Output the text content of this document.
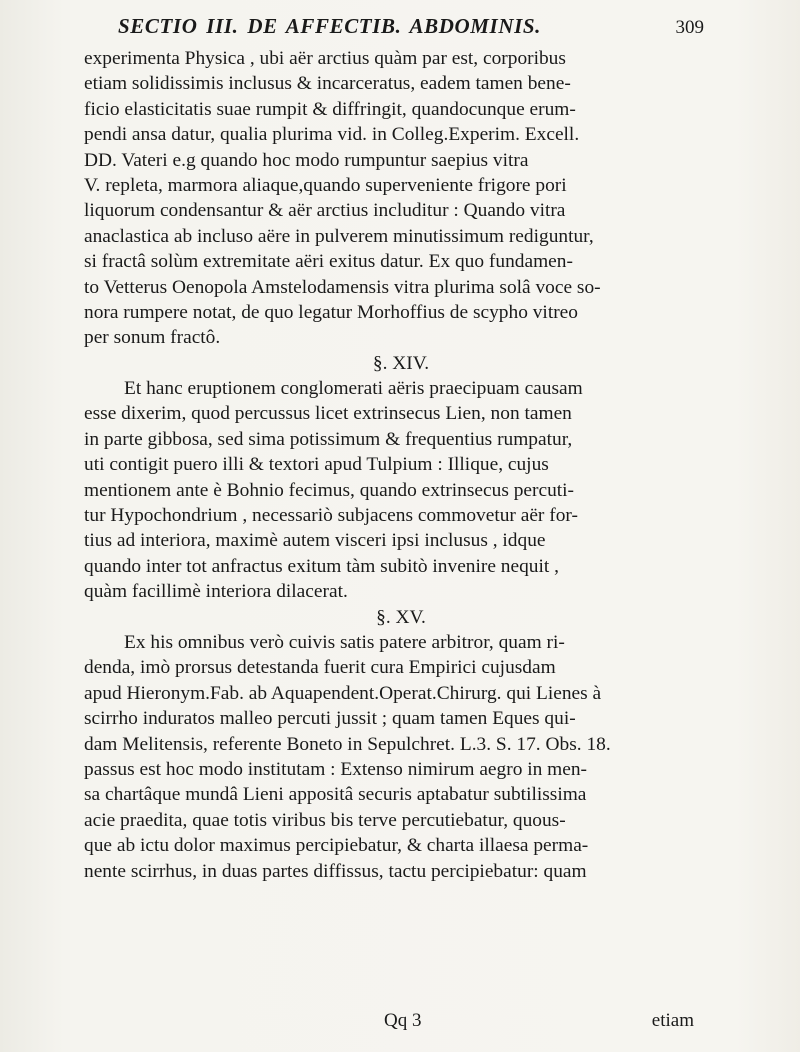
SECTIO III. DE AFFECTIB. ABDOMINIS.	309
experimenta Physica , ubi aër arctius quàm par est, corporibus
etiam solidissimis inclusus & incarceratus, eadem tamen bene-
ficio elasticitatis suae rumpit & diffringit, quandocunque erum-
pendi ansa datur, qualia plurima vid. in Colleg.Experim. Excell.
DD. Vateri e.g quando hoc modo rumpuntur saepius vitra
V. repleta, marmora aliaque,quando superveniente frigore pori
liquorum condensantur & aër arctius includitur : Quando vitra
anaclastica ab incluso aëre in pulverem minutissimum rediguntur,
si fractâ solùm extremitate aëri exitus datur. Ex quo fundamen-
to Vetterus Oenopola Amstelodamensis vitra plurima solâ voce so-
nora rumpere notat, de quo legatur Morhoffius de scypho vitreo
per sonum fractô.
§. XIV.
Et hanc eruptionem conglomerati aëris praecipuam causam
esse dixerim, quod percussus licet extrinsecus Lien, non tamen
in parte gibbosa, sed sima potissimum & frequentius rumpatur,
uti contigit puero illi & textori apud Tulpium : Illique, cujus
mentionem ante è Bohnio fecimus, quando extrinsecus percuti-
tur Hypochondrium , necessariò subjacens commovetur aër for-
tius ad interiora, maximè autem visceri ipsi inclusus , idque
quando inter tot anfractus exitum tàm subitò invenire nequit ,
quàm facillimè interiora dilacerat.
§. XV.
Ex his omnibus verò cuivis satis patere arbitror, quam ri-
denda, imò prorsus detestanda fuerit cura Empirici cujusdam
apud Hieronym.Fab. ab Aquapendent.Operat.Chirurg. qui Lienes à
scirrho induratos malleo percuti jussit ; quam tamen Eques qui-
dam Melitensis, referente Boneto in Sepulchret. L.3. S. 17. Obs. 18.
passus est hoc modo institutam : Extenso nimirum aegro in men-
sa chartâque mundâ Lieni appositâ securis aptabatur subtilissima
acie praedita, quae totis viribus bis terve percutiebatur, quous-
que ab ictu dolor maximus percipiebatur, & charta illaesa perma-
nente scirrhus, in duas partes diffissus, tactu percipiebatur: quam
Qq 3	etiam
